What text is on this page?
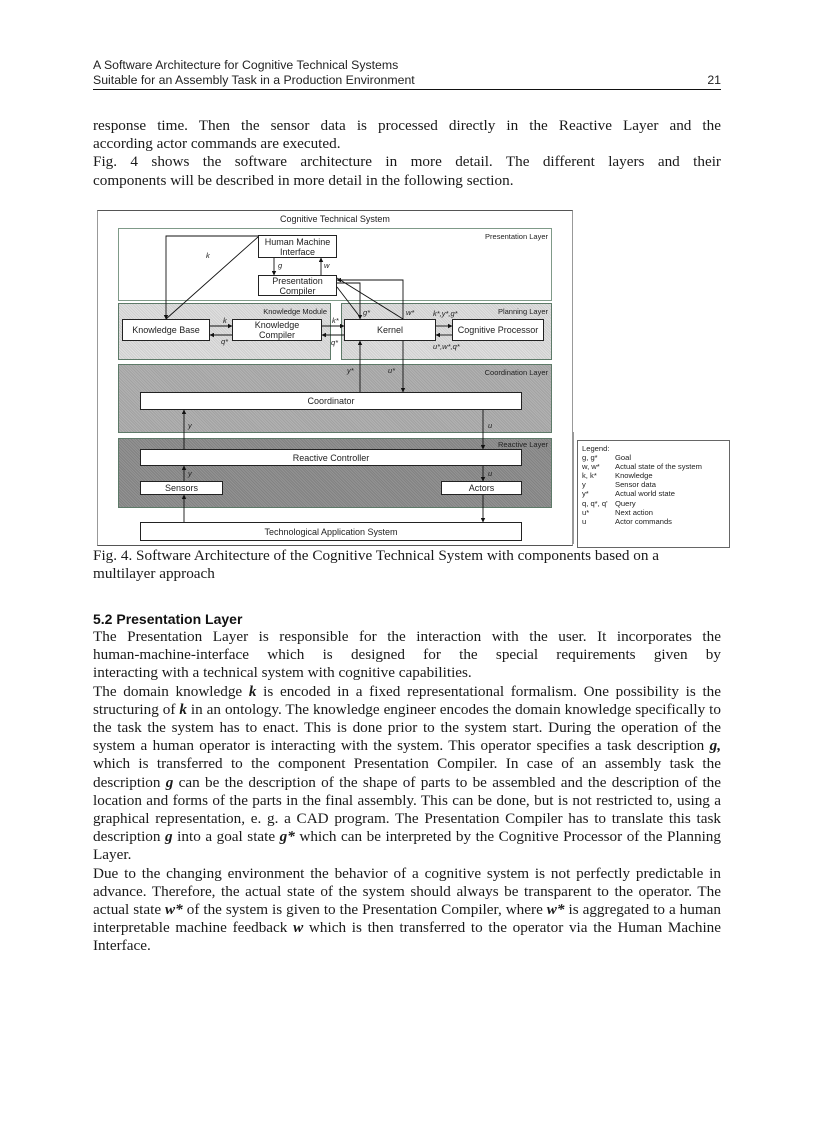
A Software Architecture for Cognitive Technical Systems
Suitable for an Assembly Task in a Production Environment	21

response time. Then the sensor data is processed directly in the Reactive Layer and the

according actor commands are executed.

Fig. 4 shows the software architecture in more detail. The different layers and their

components will be described in more detail in the following section.

Cognitive Technical System
Presentation Layer
Knowledge Module	Planning Layer
Coordination Layer
Reactive Layer
Human Machine
Interface
Presentation
Compiler
Knowledge Base	Knowledge
Compiler	Kernel	Cognitive Processor
Coordinator
Reactive Controller
Sensors	Actors
Technological Application System
k
g	w
g*	w*
k
q*
k*
q*
k*,y*,g*
u*,w*,q*
y*	u*
y	u
y	u
Legend:
g, g*	Goal
w, w*	Actual state of the system
k, k*	Knowledge
y	Sensor data
y*	Actual world state
q, q*, q' Query
u*	Next action
u	Actor commands
Fig. 4. Software Architecture of the Cognitive Technical System with components based on a
multilayer approach
5.2 Presentation Layer

The Presentation Layer is responsible for the interaction with the user. It incorporates the

human-machine-interface which is designed for the special requirements given by

interacting with a technical system with cognitive capabilities.

The domain knowledge k is encoded in a fixed representational formalism. One possibility is the structuring of k in an ontology. The knowledge engineer encodes the domain knowledge specifically to the task the system has to enact. This is done prior to the system start. During the operation of the system a human operator is interacting with the system. This operator specifies a task description g, which is transferred to the component Presentation Compiler. In case of an assembly task the description g can be the description of the shape of parts to be assembled and the description of the location and forms of the parts in the final assembly. This can be done, but is not restricted to, using a graphical representation, e. g. a CAD program. The Presentation Compiler has to translate this task description g into a goal state g* which can be interpreted by the Cognitive Processor of the Planning Layer.

Due to the changing environment the behavior of a cognitive system is not perfectly predictable in advance. Therefore, the actual state of the system should always be transparent to the operator. The actual state w* of the system is given to the Presentation Compiler, where w* is aggregated to a human interpretable machine feedback w which is then transferred to the operator via the Human Machine Interface.
